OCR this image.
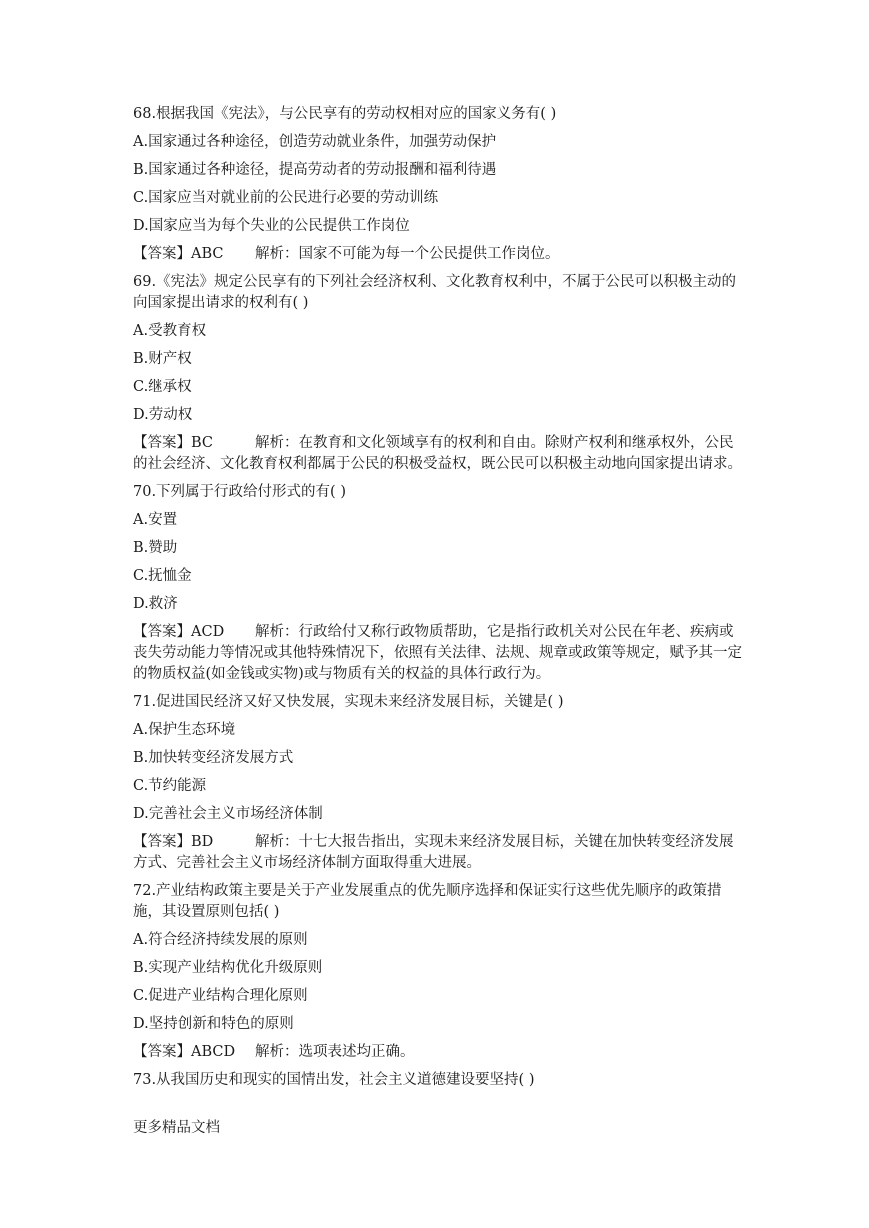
68.根据我国《宪法》，与公民享有的劳动权相对应的国家义务有( )
A.国家通过各种途径，创造劳动就业条件，加强劳动保护
B.国家通过各种途径，提高劳动者的劳动报酬和福利待遇
C.国家应当对就业前的公民进行必要的劳动训练
D.国家应当为每个失业的公民提供工作岗位
【答案】ABC 解析：国家不可能为每一个公民提供工作岗位。
69.《宪法》规定公民享有的下列社会经济权利、文化教育权利中，不属于公民可以积极主动的向国家提出请求的权利有( )
A.受教育权
B.财产权
C.继承权
D.劳动权
【答案】BC	解析：在教育和文化领域享有的权利和自由。除财产权利和继承权外，公民的社会经济、文化教育权利都属于公民的积极受益权，既公民可以积极主动地向国家提出请求。
70.下列属于行政给付形式的有( )
A.安置
B.赞助
C.抚恤金
D.救济
【答案】ACD 解析：行政给付又称行政物质帮助，它是指行政机关对公民在年老、疾病或丧失劳动能力等情况或其他特殊情况下，依照有关法律、法规、规章或政策等规定，赋予其一定的物质权益(如金钱或实物)或与物质有关的权益的具体行政行为。
71.促进国民经济又好又快发展，实现未来经济发展目标，关键是( )
A.保护生态环境
B.加快转变经济发展方式
C.节约能源
D.完善社会主义市场经济体制
【答案】BD	解析：十七大报告指出，实现未来经济发展目标，关键在加快转变经济发展方式、完善社会主义市场经济体制方面取得重大进展。
72.产业结构政策主要是关于产业发展重点的优先顺序选择和保证实行这些优先顺序的政策措施，其设置原则包括( )
A.符合经济持续发展的原则
B.实现产业结构优化升级原则
C.促进产业结构合理化原则
D.坚持创新和特色的原则
【答案】ABCD 解析：选项表述均正确。
73.从我国历史和现实的国情出发，社会主义道德建设要坚持( )
更多精品文档
